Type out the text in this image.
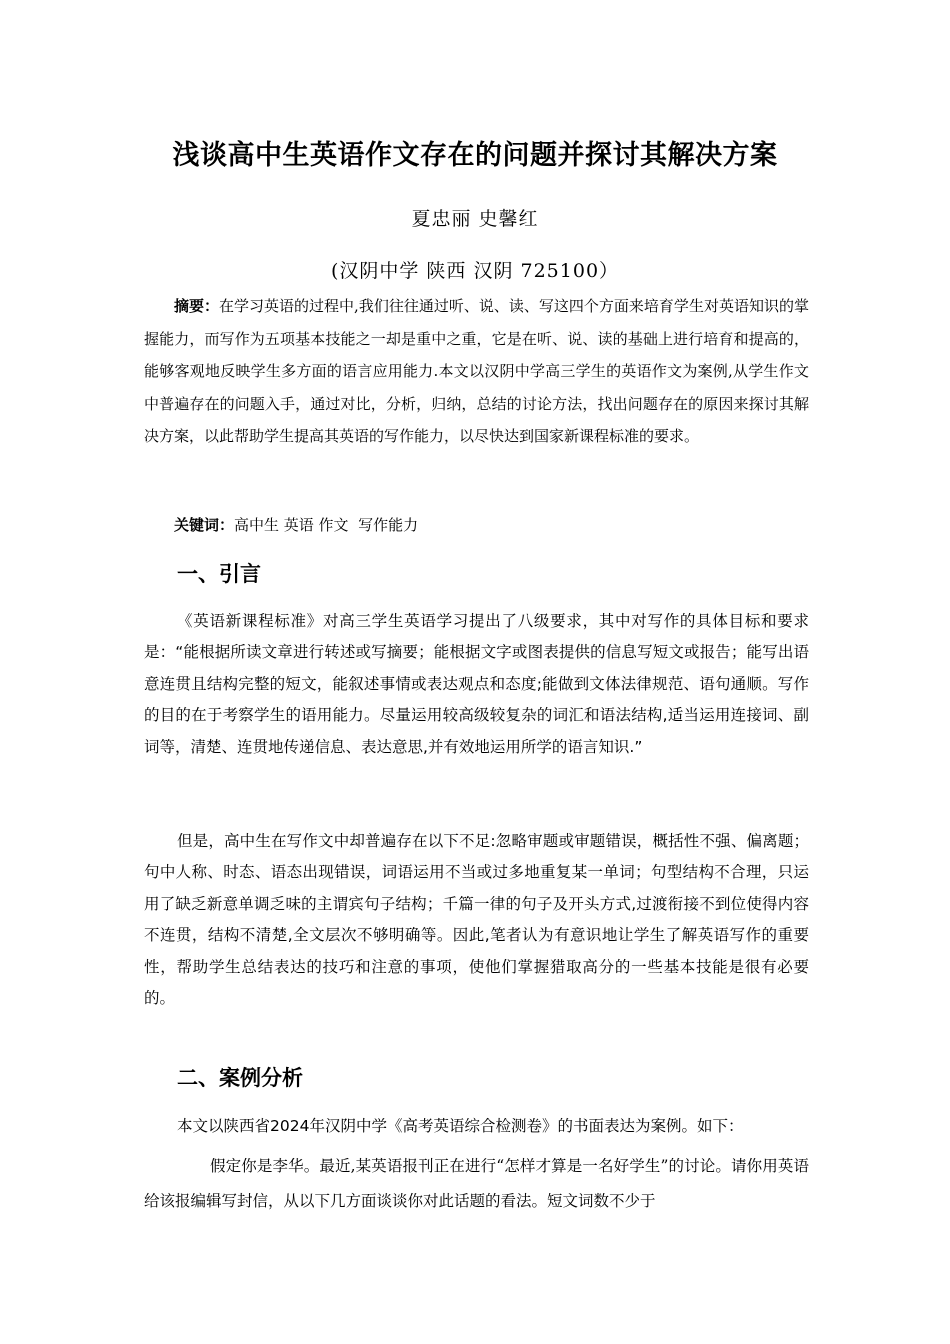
浅谈高中生英语作文存在的问题并探讨其解决方案
夏忠丽 史馨红
(汉阴中学 陕西 汉阴 725100）

摘要：在学习英语的过程中,我们往往通过听、说、读、写这四个方面来培育学生对英语知识的掌握能力，而写作为五项基本技能之一却是重中之重，它是在听、说、读的基础上进行培育和提高的，能够客观地反映学生多方面的语言应用能力.本文以汉阴中学高三学生的英语作文为案例,从学生作文中普遍存在的问题入手，通过对比，分析，归纳，总结的讨论方法，找出问题存在的原因来探讨其解决方案，以此帮助学生提高其英语的写作能力，以尽快达到国家新课程标准的要求。

关键词：高中生 英语 作文  写作能力

一、引言

《英语新课程标准》对高三学生英语学习提出了八级要求，其中对写作的具体目标和要求是：“能根据所读文章进行转述或写摘要；能根据文字或图表提供的信息写短文或报告；能写出语意连贯且结构完整的短文，能叙述事情或表达观点和态度;能做到文体法律规范、语句通顺。写作的目的在于考察学生的语用能力。尽量运用较高级较复杂的词汇和语法结构,适当运用连接词、副词等，清楚、连贯地传递信息、表达意思,并有效地运用所学的语言知识.”

但是，高中生在写作文中却普遍存在以下不足:忽略审题或审题错误，概括性不强、偏离题；句中人称、时态、语态出现错误，词语运用不当或过多地重复某一单词；句型结构不合理，只运用了缺乏新意单调乏味的主谓宾句子结构；千篇一律的句子及开头方式,过渡衔接不到位使得内容不连贯，结构不清楚,全文层次不够明确等。因此,笔者认为有意识地让学生了解英语写作的重要性，帮助学生总结表达的技巧和注意的事项，使他们掌握猎取高分的一些基本技能是很有必要的。

二、案例分析

本文以陕西省2024年汉阴中学《高考英语综合检测卷》的书面表达为案例。如下：

假定你是李华。最近,某英语报刊正在进行“怎样才算是一名好学生”的讨论。请你用英语给该报编辑写封信，从以下几方面谈谈你对此话题的看法。短文词数不少于
